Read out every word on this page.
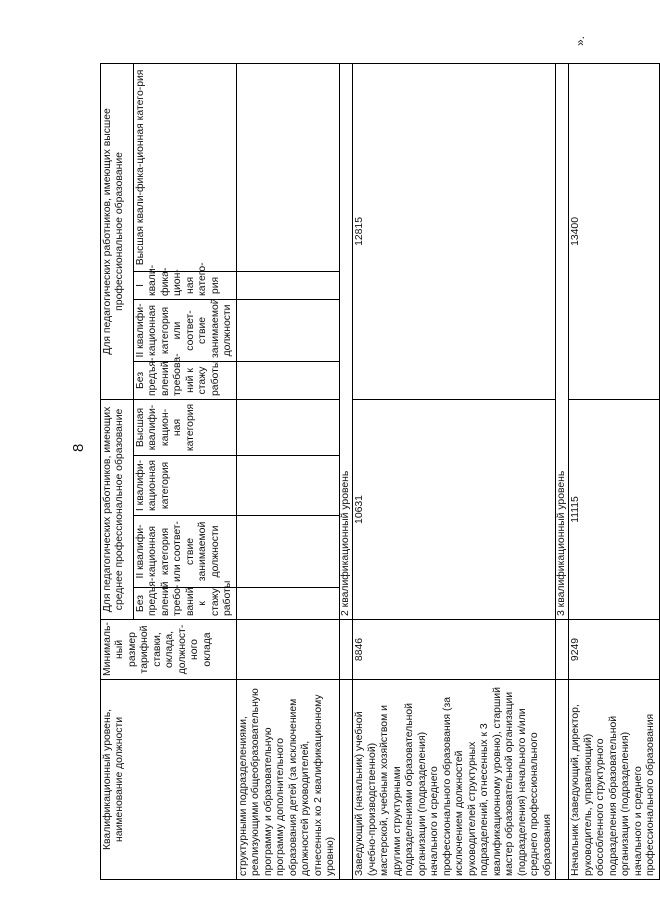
8
».
Квалификационный уровень, наименование должности	Минималь-ный размер тарифной ставки, оклада, должност-ного оклада	Для педагогических работников, имеющих среднее профессиональное образование				Для педагогических работников, имеющих высшее профессиональное образование			
		Без предъя-влений требо-ваний к стажу работы	II квалифи-кационная категория или соответ-ствие занимаемой должности	I квалифи-кационная категория	Высшая квалифи-кацион-ная категория	Без предъя-влений требова-ний к стажу работы	II квалифи-кационная категория или соответ-ствие занимаемой должности	I квали-фика-цион-ная катего-рия	Высшая квали-фика-ционная катего-рия
структурными подразделениями, реализующими общеобразовательную программу и образовательную программу дополнительного образования детей (за исключением должностей руководителей, отнесенных ко 2 квалификационному уровню)									
		2 квалификационный уровень							
Заведующий (начальник) учебной (учебно-производственной) мастерской, учебным хозяйством и другими структурными подразделениями образовательной организации (подразделения) начального и среднего профессионального образования (за исключением должностей руководителей структурных подразделений, отнесенных к 3 квалификационному уровню), старший мастер образовательной организации (подразделения) начального и/или среднего профессионального образования	8846	10631				12815			
		3 квалификационный уровень							
Начальник (заведующий, директор, руководитель, управляющий) обособленного структурного подразделения образовательной организации (подразделения) начального и среднего профессионального образования	9249	11115				13400			
